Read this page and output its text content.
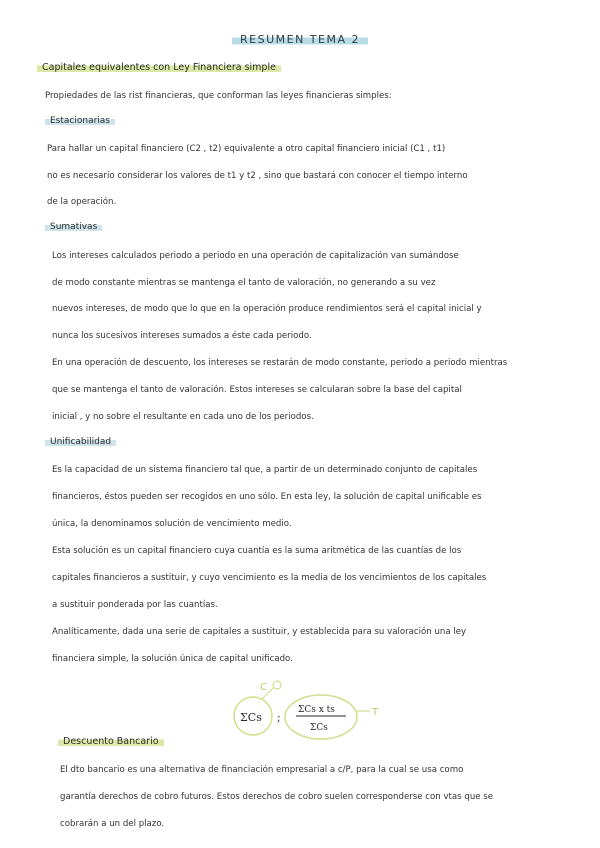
RESUMEN TEMA 2
Capitales equivalentes con Ley Financiera simple
Propiedades de las rist financieras, que conforman las leyes financieras simples:
Estacionarias
Para hallar un capital financiero (C2 , t2) equivalente a otro capital financiero inicial (C1 , t1)
no es necesario considerar los valores de t1 y t2 , sino que bastará con conocer el tiempo interno
de la operación.
Sumativas
Los intereses calculados periodo a periodo en una operación de capitalización van sumándose
de modo constante mientras se mantenga el tanto de valoración, no generando a su vez
nuevos intereses, de modo que lo que en la operación produce rendimientos será el capital inicial y
nunca los sucesivos intereses sumados a éste cada periodo.
En una operación de descuento, los intereses se restarán de modo constante, periodo a periodo mientras
que se mantenga el tanto de valoración. Estos intereses se calcularan sobre la base del capital
inicial , y no sobre el resultante en cada uno de los periodos.
Unificabilidad
Es la capacidad de un sistema financiero tal que, a partir de un determinado conjunto de capitales
financieros, éstos pueden ser recogidos en uno sólo. En esta ley, la solución de capital unificable es
única, la denominamos solución de vencimiento medio.
Esta solución es un capital financiero cuya cuantía es la suma aritmética de las cuantías de los
capitales financieros a sustituir, y cuyo vencimiento es la media de los vencimientos de los capitales
a sustituir ponderada por las cuantías.
Analíticamente, dada una serie de capitales a sustituir, y establecida para su valoración una ley
financiera simple, la solución única de capital unificado.
C
T
ΣCs ;
ΣCs x ts
ΣCs
Descuento Bancario
El dto bancario es una alternativa de financiación empresarial a c/P, para la cual se usa como
garantía derechos de cobro futuros. Estos derechos de cobro suelen corresponderse con vtas que se
cobrarán a un del plazo.
